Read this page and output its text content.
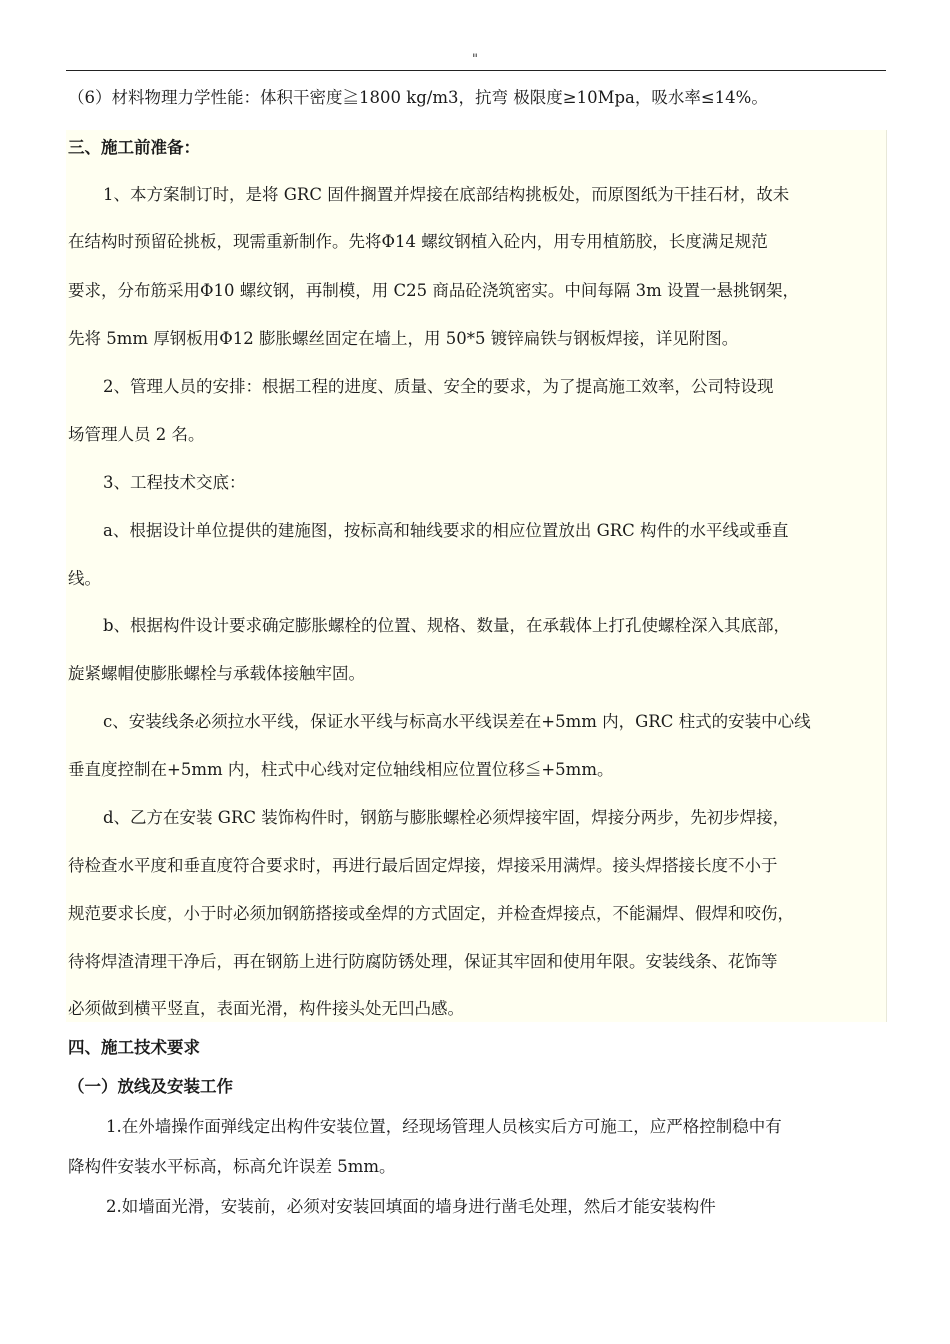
"
（6）材料物理力学性能：体积干密度≧1800 kg/m3，抗弯 极限度≥10Mpa，吸水率≤14%。
三、施工前准备：
1、本方案制订时，是将 GRC 固件搁置并焊接在底部结构挑板处，而原图纸为干挂石材，故未
在结构时预留砼挑板，现需重新制作。先将Φ14 螺纹钢植入砼内，用专用植筋胶，长度满足规范
要求，分布筋采用Φ10 螺纹钢，再制模，用 C25 商品砼浇筑密实。中间每隔 3m 设置一悬挑钢架，
先将 5mm 厚钢板用Φ12 膨胀螺丝固定在墙上，用 50*5 镀锌扁铁与钢板焊接，详见附图。
2、管理人员的安排：根据工程的进度、质量、安全的要求，为了提高施工效率，公司特设现
场管理人员 2 名。
3、工程技术交底：
a、根据设计单位提供的建施图，按标高和轴线要求的相应位置放出 GRC 构件的水平线或垂直
线。
b、根据构件设计要求确定膨胀螺栓的位置、规格、数量，在承载体上打孔使螺栓深入其底部，
旋紧螺帽使膨胀螺栓与承载体接触牢固。
c、安装线条必须拉水平线，保证水平线与标高水平线误差在+5mm 内，GRC 柱式的安装中心线
垂直度控制在+5mm 内，柱式中心线对定位轴线相应位置位移≦+5mm。
d、乙方在安装 GRC 装饰构件时，钢筋与膨胀螺栓必须焊接牢固，焊接分两步，先初步焊接，
待检查水平度和垂直度符合要求时，再进行最后固定焊接，焊接采用满焊。接头焊搭接长度不小于
规范要求长度，小于时必须加钢筋搭接或垒焊的方式固定，并检查焊接点，不能漏焊、假焊和咬伤，
待将焊渣清理干净后，再在钢筋上进行防腐防锈处理，保证其牢固和使用年限。安装线条、花饰等
必须做到横平竖直，表面光滑，构件接头处无凹凸感。
四、施工技术要求
（一）放线及安装工作
1.在外墙操作面弹线定出构件安装位置，经现场管理人员核实后方可施工，应严格控制稳中有
降构件安装水平标高，标高允许误差 5mm。
2.如墙面光滑，安装前，必须对安装回填面的墙身进行凿毛处理，然后才能安装构件
